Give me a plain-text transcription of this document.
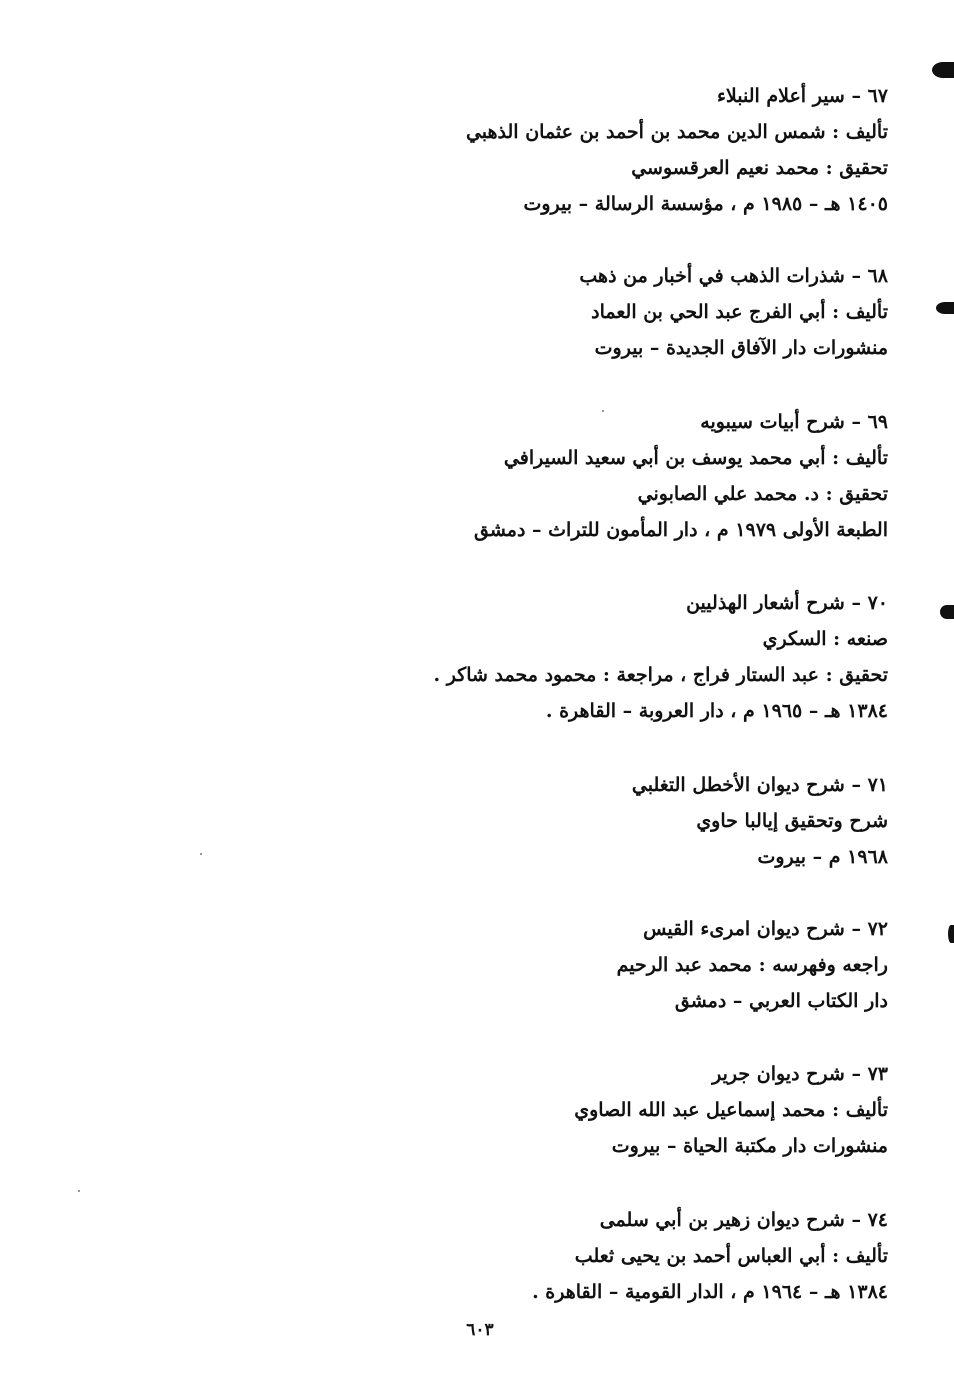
٦٧ – سير أعلام النبلاء
تأليف : شمس الدين محمد بن أحمد بن عثمان الذهبي
تحقيق : محمد نعيم العرقسوسي
١٤٠٥ هـ – ١٩٨٥ م ، مؤسسة الرسالة – بيروت
٦٨ – شذرات الذهب في أخبار من ذهب
تأليف : أبي الفرج عبد الحي بن العماد
منشورات دار الآفاق الجديدة – بيروت
٦٩ – شرح أبيات سيبويه
تأليف : أبي محمد يوسف بن أبي سعيد السيرافي
تحقيق : د. محمد علي الصابوني
الطبعة الأولى ١٩٧٩ م ، دار المأمون للتراث – دمشق
٧٠ – شرح أشعار الهذليين
صنعه : السكري
تحقيق : عبد الستار فراج ، مراجعة : محمود محمد شاكر .
١٣٨٤ هـ – ١٩٦٥ م ، دار العروبة – القاهرة .
٧١ – شرح ديوان الأخطل التغلبي
شرح وتحقيق إيالبا حاوي
١٩٦٨ م – بيروت
٧٢ – شرح ديوان امرىء القيس
راجعه وفهرسه : محمد عبد الرحيم
دار الكتاب العربي – دمشق
٧٣ – شرح ديوان جرير
تأليف : محمد إسماعيل عبد الله الصاوي
منشورات دار مكتبة الحياة – بيروت
٧٤ – شرح ديوان زهير بن أبي سلمى
تأليف : أبي العباس أحمد بن يحيى ثعلب
١٣٨٤ هـ – ١٩٦٤ م ، الدار القومية – القاهرة .
٦٠٣
